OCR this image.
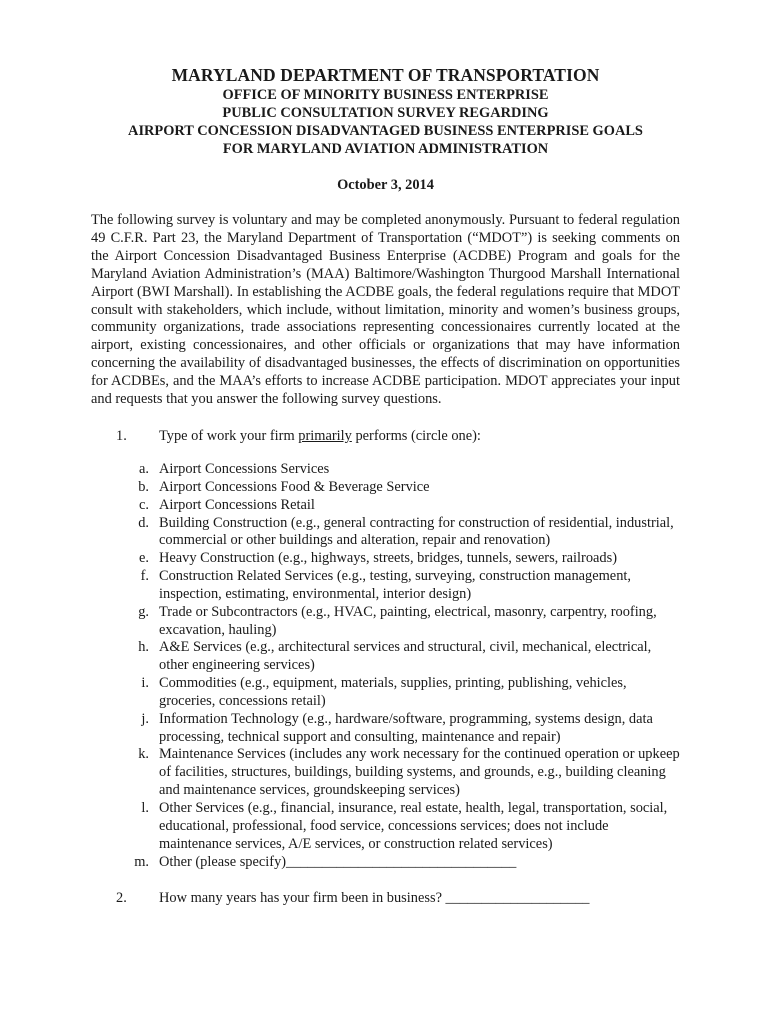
MARYLAND DEPARTMENT OF TRANSPORTATION
OFFICE OF MINORITY BUSINESS ENTERPRISE
PUBLIC CONSULTATION SURVEY REGARDING
AIRPORT CONCESSION DISADVANTAGED BUSINESS ENTERPRISE GOALS
FOR MARYLAND AVIATION ADMINISTRATION
October 3, 2014
The following survey is voluntary and may be completed anonymously. Pursuant to federal regulation 49 C.F.R. Part 23, the Maryland Department of Transportation (“MDOT”) is seeking comments on the Airport Concession Disadvantaged Business Enterprise (ACDBE) Program and goals for the Maryland Aviation Administration’s (MAA) Baltimore/Washington Thurgood Marshall International Airport (BWI Marshall). In establishing the ACDBE goals, the federal regulations require that MDOT consult with stakeholders, which include, without limitation, minority and women’s business groups, community organizations, trade associations representing concessionaires currently located at the airport, existing concessionaires, and other officials or organizations that may have information concerning the availability of disadvantaged businesses, the effects of discrimination on opportunities for ACDBEs, and the MAA’s efforts to increase ACDBE participation. MDOT appreciates your input and requests that you answer the following survey questions.
1.	Type of work your firm primarily performs (circle one):
a. Airport Concessions Services
b. Airport Concessions Food & Beverage Service
c. Airport Concessions Retail
d. Building Construction (e.g., general contracting for construction of residential, industrial, commercial or other buildings and alteration, repair and renovation)
e. Heavy Construction (e.g., highways, streets, bridges, tunnels, sewers, railroads)
f. Construction Related Services (e.g., testing, surveying, construction management, inspection, estimating, environmental, interior design)
g. Trade or Subcontractors (e.g., HVAC, painting, electrical, masonry, carpentry, roofing, excavation, hauling)
h. A&E Services (e.g., architectural services and structural, civil, mechanical, electrical, other engineering services)
i. Commodities (e.g., equipment, materials, supplies, printing, publishing, vehicles, groceries, concessions retail)
j. Information Technology (e.g., hardware/software, programming, systems design, data processing, technical support and consulting, maintenance and repair)
k. Maintenance Services (includes any work necessary for the continued operation or upkeep of facilities, structures, buildings, building systems, and grounds, e.g., building cleaning and maintenance services, groundskeeping services)
l. Other Services (e.g., financial, insurance, real estate, health, legal, transportation, social, educational, professional, food service, concessions services; does not include maintenance services, A/E services, or construction related services)
m. Other (please specify)________________________________
2.	How many years has your firm been in business? ____________________
